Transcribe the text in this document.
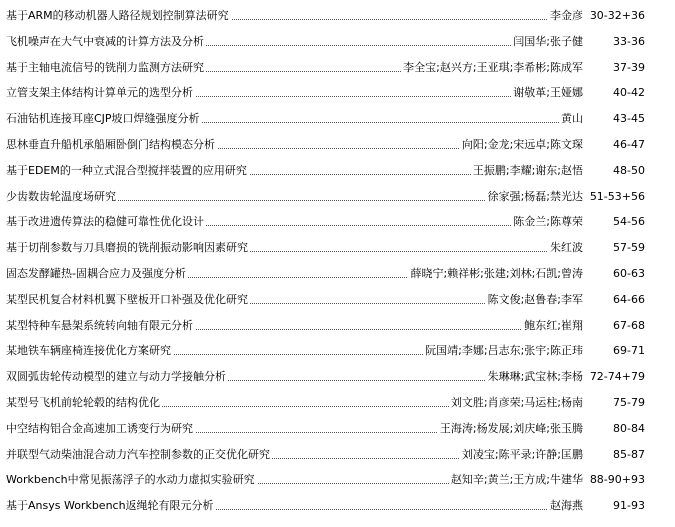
基于ARM的移动机器人路径规划控制算法研究	李金彦 30-32+36
飞机噪声在大气中衰减的计算方法及分析	闫国华;张子健	33-36
基于主轴电流信号的铣削力监测方法研究	李全宝;赵兴方;王亚琪;李希彬;陈成军	37-39
立管支架主体结构计算单元的选型分析	谢敬革;王娅娜	40-42
石油钻机连接耳座CJP坡口焊缝强度分析	黄山	43-45
思林垂直升船机承船厢卧倒门结构模态分析	向阳;金龙;宋远卓;陈文琛	46-47
基于EDEM的一种立式混合型搅拌装置的应用研究	王振鹏;李耀;谢东;赵悟	48-50
少齿数齿轮温度场研究	徐家强;杨磊;禁光达 51-53+56
基于改进遗传算法的稳健可靠性优化设计	陈金兰;陈尊荣	54-56
基于切削参数与刀具磨损的铣削振动影响因素研究	朱红波	57-59
固态发酵罐热-固耦合应力及强度分析	薛晓宁;赖祥彬;张建;刘林;石凯;曾涛	60-63
某型民机复合材料机翼下壁板开口补强及优化研究	陈文俊;赵鲁春;李军	64-66
某型特种车悬架系统转向轴有限元分析	鲍东红;崔翔	67-68
某地铁车辆座椅连接优化方案研究	阮国靖;李娜;吕志东;张宇;陈正玮	69-71
双圆弧齿轮传动模型的建立与动力学接触分析	朱琳琳;武宝林;李杨 72-74+79
某型号飞机前轮轮毂的结构优化	刘文胜;肖彦荣;马运柱;杨南	75-79
中空结构铝合金高速加工诱变行为研究	王海涛;杨发展;刘庆峰;张玉腾	80-84
并联型气动柴油混合动力汽车控制参数的正交优化研究	刘凌宝;陈平录;许静;匡鹏	85-87
Workbench中常见振荡浮子的水动力虚拟实验研究	赵知辛;黄兰;王方成;牛建华 88-90+93
基于Ansys Workbench返绳轮有限元分析	赵海燕	91-93
